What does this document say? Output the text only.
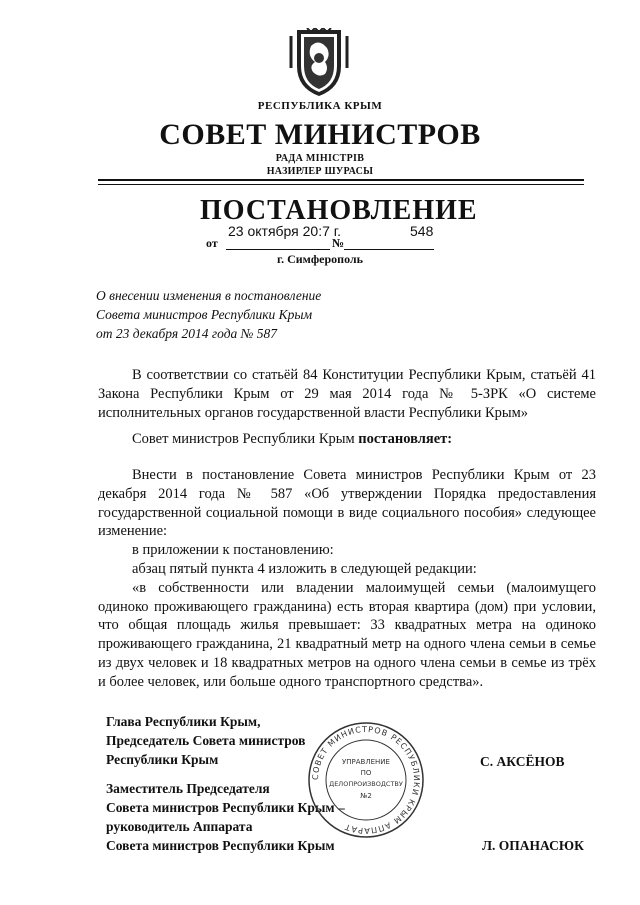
РЕСПУБЛИКА КРЫМ
СОВЕТ МИНИСТРОВ
РАДА МІНІСТРІВ
НАЗИРЛЕР ШУРАСЫ
ПОСТАНОВЛЕНИЕ
от
23 октября 20:7 г.
№
548
г. Симферополь
О внесении изменения в постановление
Совета министров Республики Крым
от 23 декабря 2014 года № 587
В соответствии со статьёй 84 Конституции Республики Крым, статьёй 41 Закона Республики Крым от 29 мая 2014 года № 5-ЗРК «О системе исполнительных органов государственной власти Республики Крым»
Совет министров Республики Крым постановляет:
Внести в постановление Совета министров Республики Крым от 23 декабря 2014 года № 587 «Об утверждении Порядка предоставления государственной социальной помощи в виде социального пособия» следующее изменение:
в приложении к постановлению:
абзац пятый пункта 4 изложить в следующей редакции:
«в собственности или владении малоимущей семьи (малоимущего одиноко проживающего гражданина) есть вторая квартира (дом) при условии, что общая площадь жилья превышает: 33 квадратных метра на одиноко проживающего гражданина, 21 квадратный метр на одного члена семьи в семье из двух человек и 18 квадратных метров на одного члена семьи в семье из трёх и более человек, или больше одного транспортного средства».
Глава Республики Крым,
Председатель Совета министров
Республики Крым	С. АКСЁНОВ
Заместитель Председателя
Совета министров Республики Крым –
руководитель Аппарата
Совета министров Республики Крым	Л. ОПАНАСЮК
СОВЕТ МИНИСТРОВ РЕСПУБЛИКИ КРЫМ АППАРАТ
УПРАВЛЕНИЕ
ПО
ДЕЛОПРОИЗВОДСТВУ
№2
